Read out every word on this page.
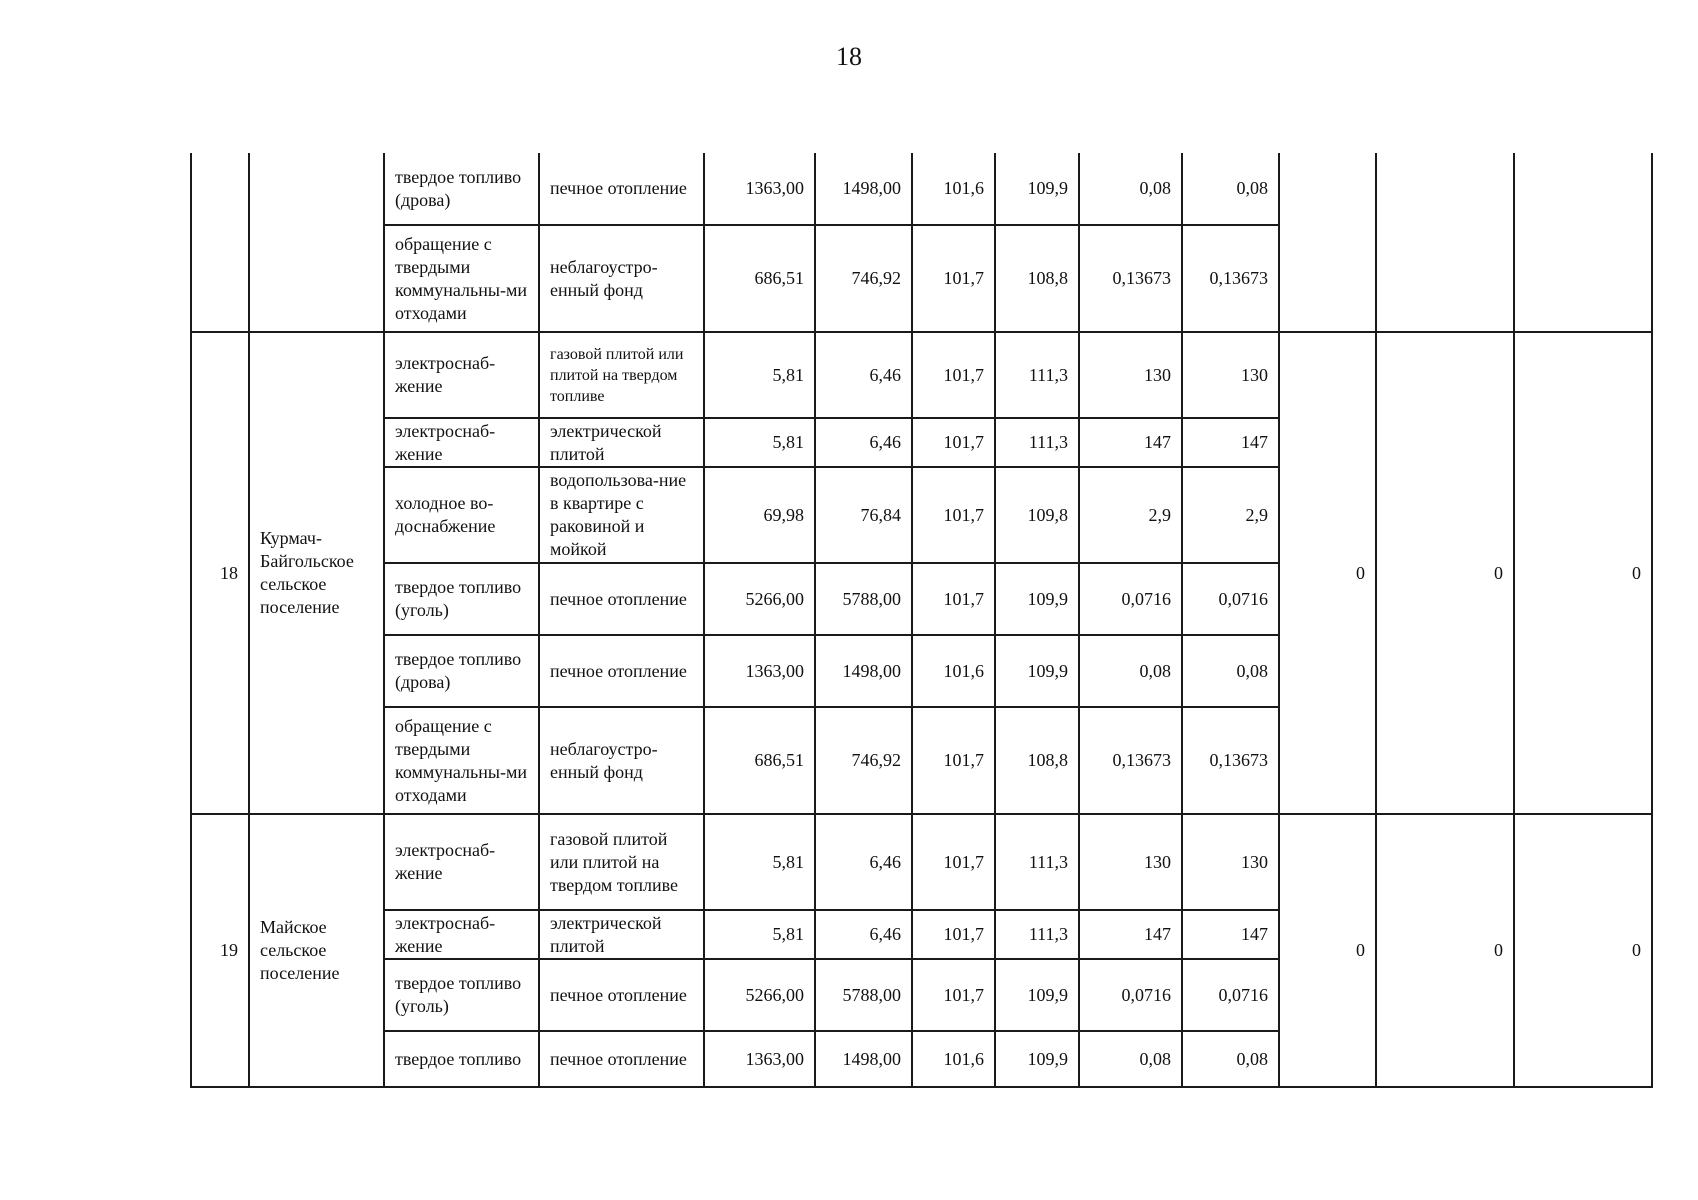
18
		твердое топливо (дрова)	печное отопление	1363,00	1498,00	101,6	109,9	0,08	0,08			
		обращение с твердыми коммунальны-ми отходами	неблагоустро-енный фонд	686,51	746,92	101,7	108,8	0,13673	0,13673			
18	Курмач-Байгольское сельское поселение	электроснаб-жение	газовой плитой или плитой на твердом топливе	5,81	6,46	101,7	111,3	130	130	0	0	0
		электроснаб-жение	электрической плитой	5,81	6,46	101,7	111,3	147	147			
		холодное во-доснабжение	водопользова-ние в квартире с раковиной и мойкой	69,98	76,84	101,7	109,8	2,9	2,9			
		твердое топливо (уголь)	печное отопление	5266,00	5788,00	101,7	109,9	0,0716	0,0716			
		твердое топливо (дрова)	печное отопление	1363,00	1498,00	101,6	109,9	0,08	0,08			
		обращение с твердыми коммунальны-ми отходами	неблагоустро-енный фонд	686,51	746,92	101,7	108,8	0,13673	0,13673			
19	Майское сельское поселение	электроснаб-жение	газовой плитой или плитой на твердом топливе	5,81	6,46	101,7	111,3	130	130	0	0	0
		электроснаб-жение	электрической плитой	5,81	6,46	101,7	111,3	147	147			
		твердое топливо (уголь)	печное отопление	5266,00	5788,00	101,7	109,9	0,0716	0,0716			
		твердое топливо	печное отопление	1363,00	1498,00	101,6	109,9	0,08	0,08			
